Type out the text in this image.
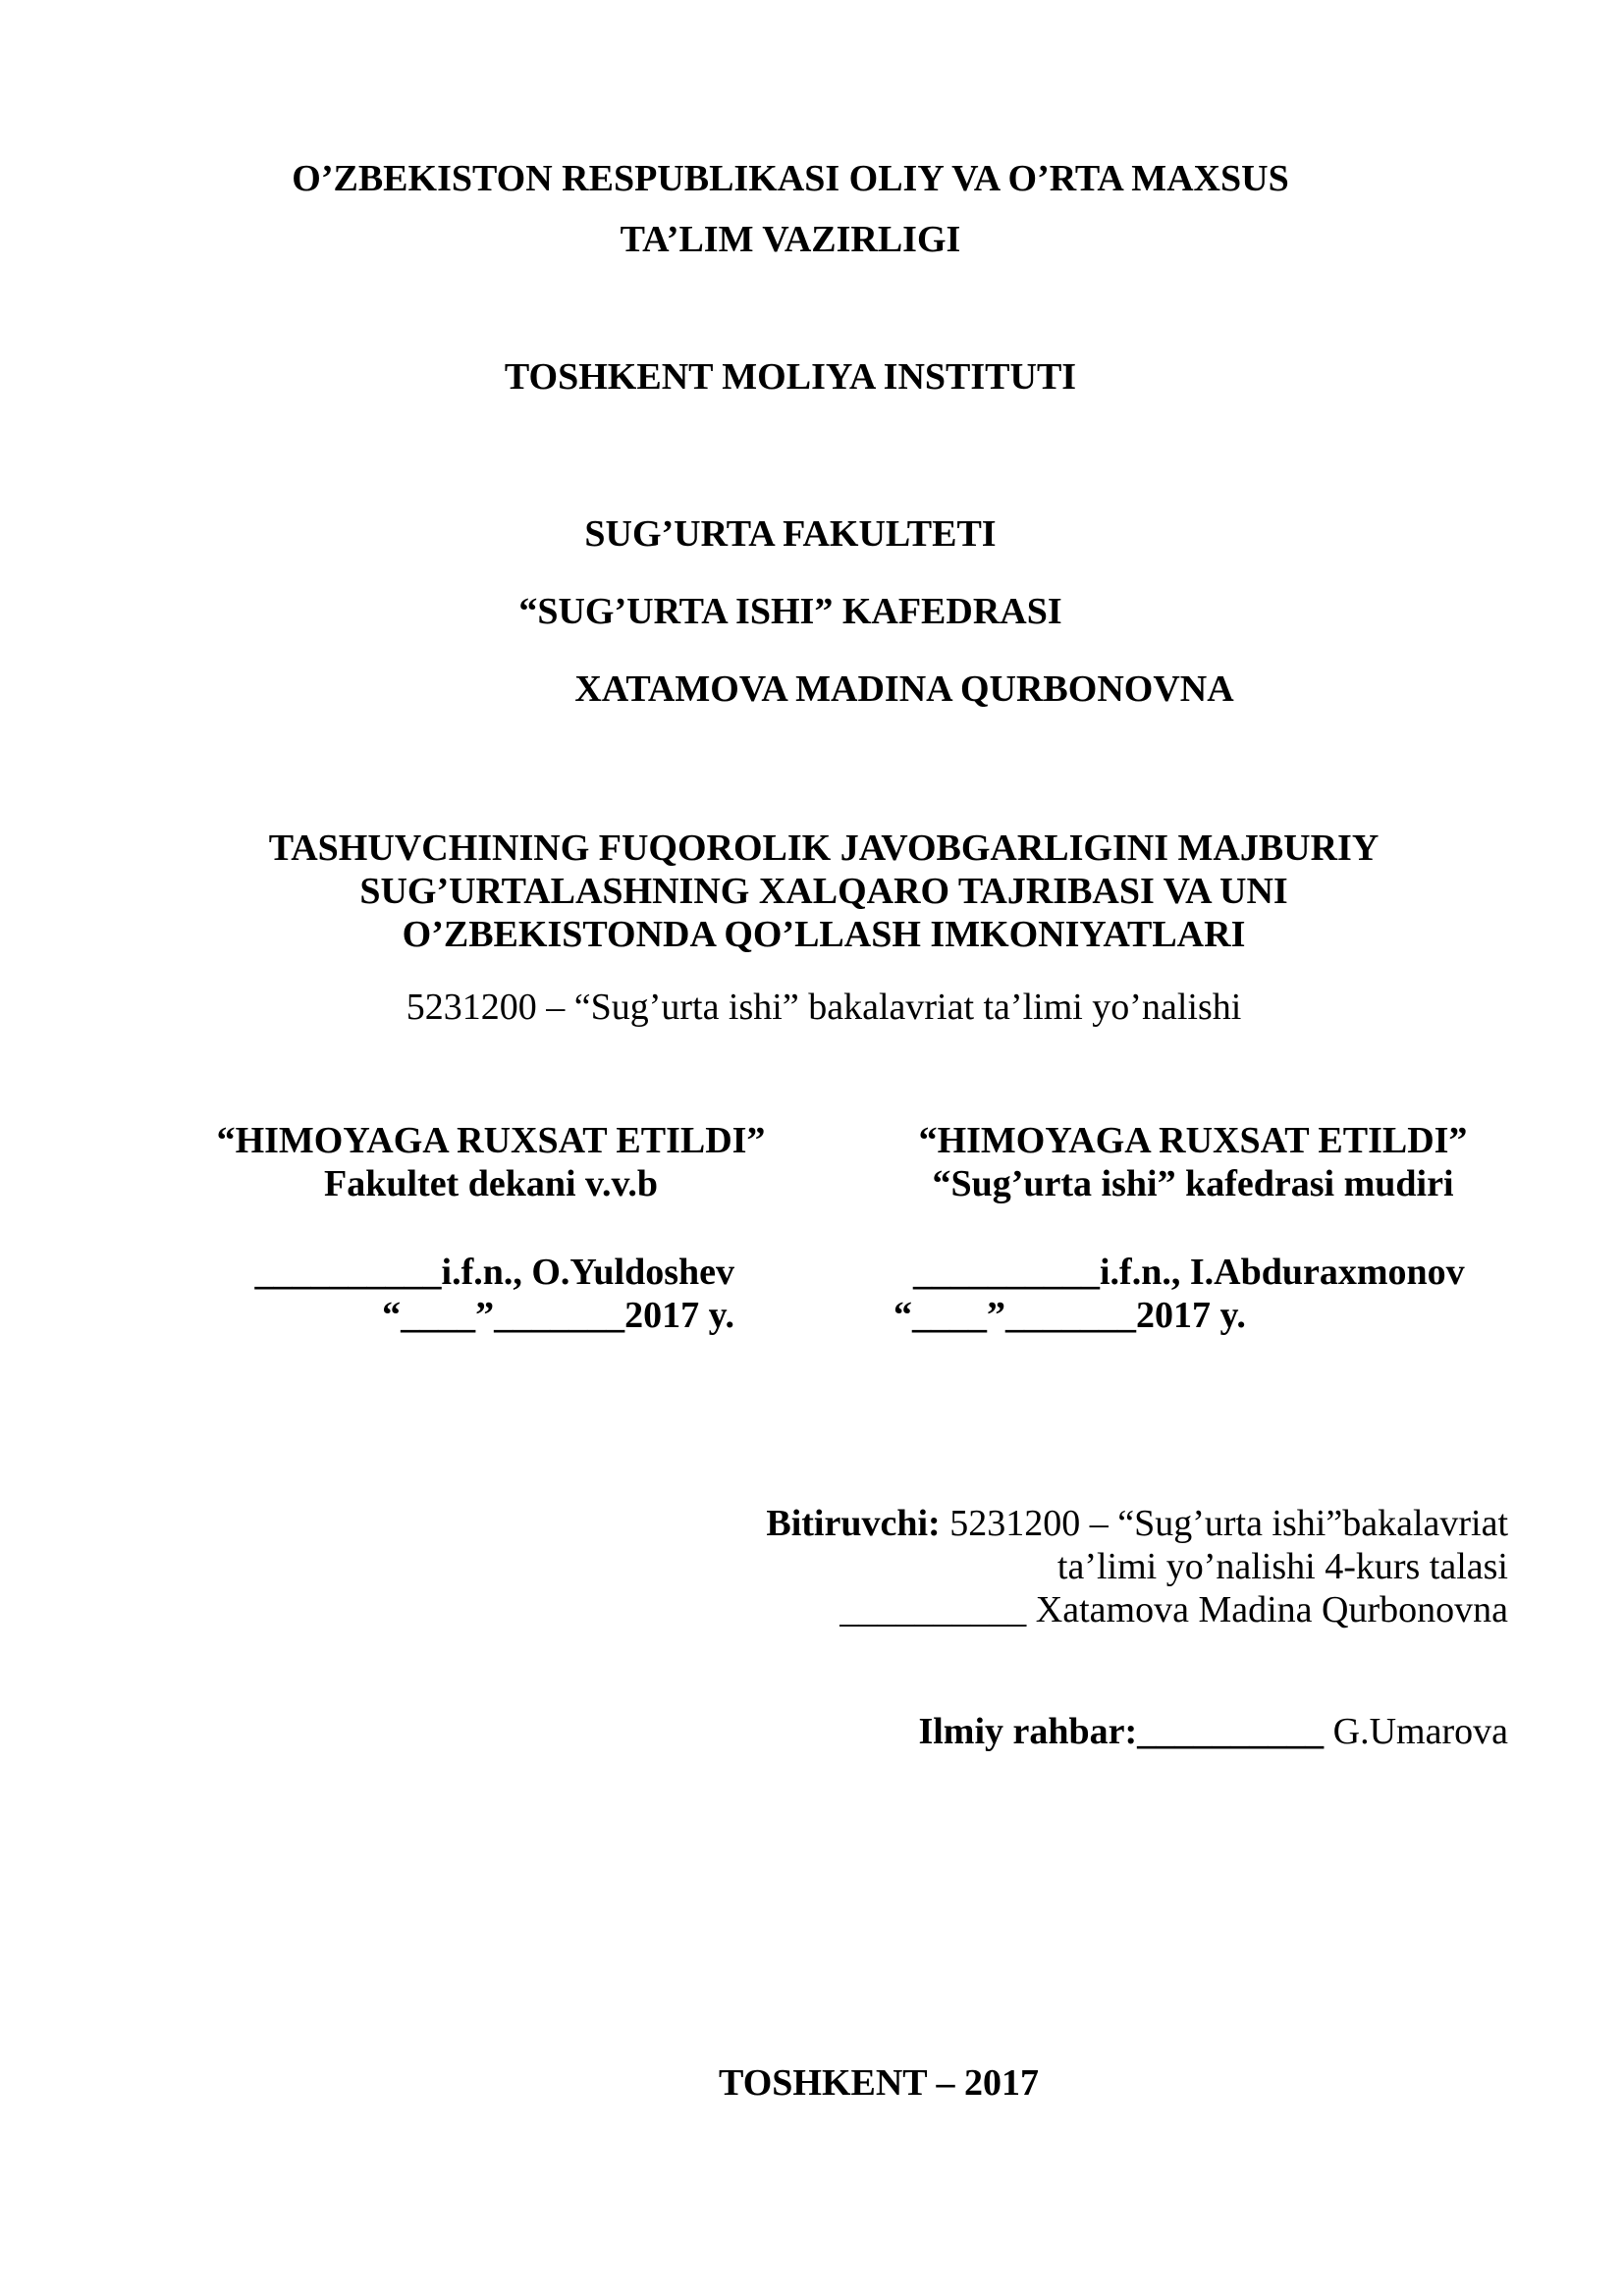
O’ZBEKISTON RESPUBLIKASI OLIY VA O’RTA MAXSUS
TA’LIM VAZIRLIGI
TOSHKENT MOLIYA INSTITUTI
SUG’URTA FAKULTETI
“SUG’URTA ISHI” KAFEDRASI
XATAMOVA MADINA QURBONOVNA
TASHUVCHINING FUQOROLIK JAVOBGARLIGINI MAJBURIY
SUG’URTALASHNING XALQARO TAJRIBASI VA UNI
O’ZBEKISTONDA QO’LLASH IMKONIYATLARI
5231200 – “Sug’urta ishi” bakalavriat ta’limi yo’nalishi
“HIMOYAGA RUXSAT ETILDI”
Fakultet dekani v.v.b
__________i.f.n., O.Yuldoshev
“____”_______2017 y.
“HIMOYAGA RUXSAT ETILDI”
“Sug’urta ishi” kafedrasi mudiri
__________i.f.n., I.Abduraxmonov
“____”_______2017 y.
Bitiruvchi: 5231200 – “Sug’urta ishi”bakalavriat
ta’limi yo’nalishi 4-kurs talasi
__________ Xatamova Madina Qurbonovna
Ilmiy rahbar:__________ G.Umarova
TOSHKENT – 2017
